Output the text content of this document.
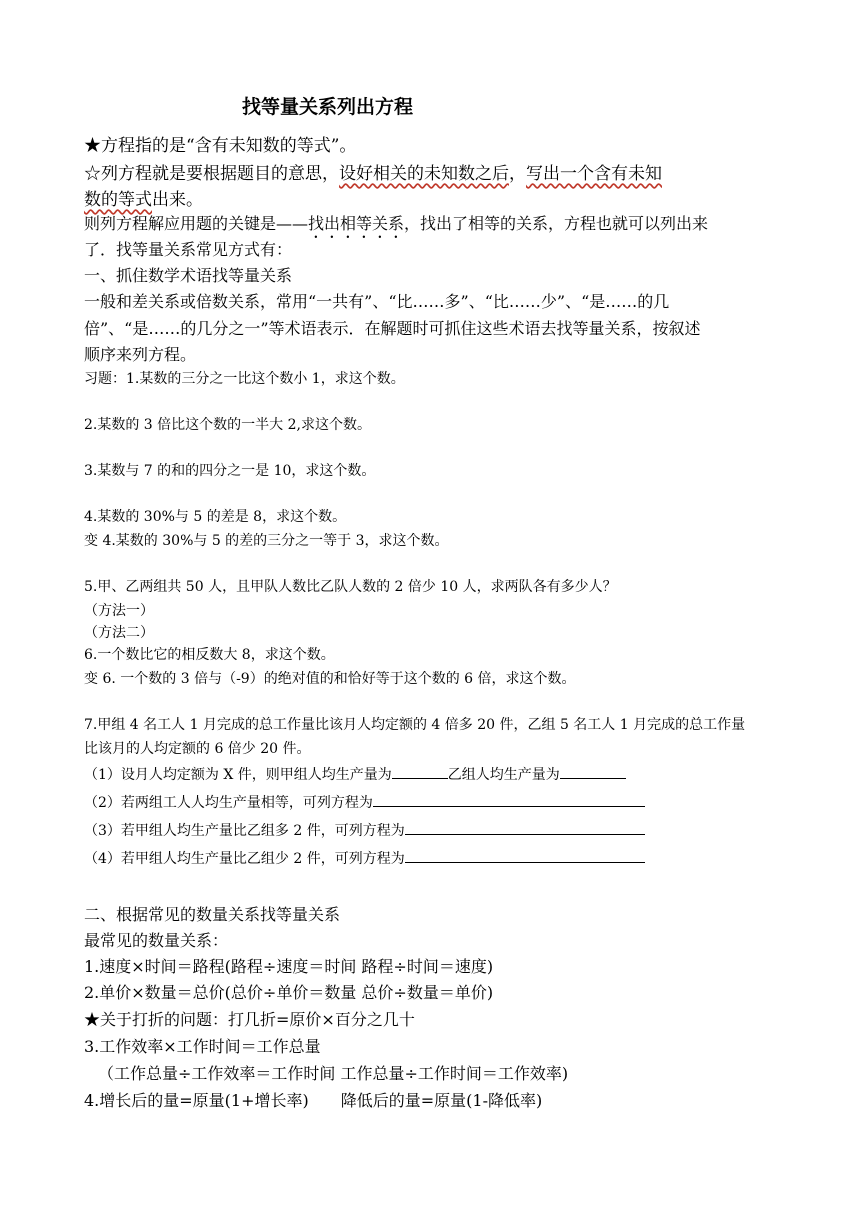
找等量关系列出方程
★方程指的是“含有未知数的等式”。
☆列方程就是要根据题目的意思，设好相关的未知数之后，写出一个含有未知
数的等式出来。
则列方程解应用题的关键是——找出相等关系，找出了相等的关系，方程也就可以列出来
了．找等量关系常见方式有：
一、抓住数学术语找等量关系
一般和差关系或倍数关系，常用“一共有”、“比……多”、“比……少”、“是……的几
倍”、“是……的几分之一”等术语表示．在解题时可抓住这些术语去找等量关系，按叙述
顺序来列方程。
习题：1.某数的三分之一比这个数小 1，求这个数。
2.某数的 3 倍比这个数的一半大 2,求这个数。
3.某数与 7 的和的四分之一是 10，求这个数。
4.某数的 30%与 5 的差是 8，求这个数。
变 4.某数的 30%与 5 的差的三分之一等于 3，求这个数。
5.甲、乙两组共 50 人，且甲队人数比乙队人数的 2 倍少 10 人，求两队各有多少人？
（方法一）
（方法二）
6.一个数比它的相反数大 8，求这个数。
变 6. 一个数的 3 倍与（-9）的绝对值的和恰好等于这个数的 6 倍，求这个数。
7.甲组 4 名工人 1 月完成的总工作量比该月人均定额的 4 倍多 20 件，乙组 5 名工人 1 月完成的总工作量
比该月的人均定额的 6 倍少 20 件。
（1）设月人均定额为 X 件，则甲组人均生产量为	乙组人均生产量为
（2）若两组工人人均生产量相等，可列方程为
（3）若甲组人均生产量比乙组多 2 件，可列方程为
（4）若甲组人均生产量比乙组少 2 件，可列方程为
二、根据常见的数量关系找等量关系
最常见的数量关系：
1.速度×时间＝路程(路程÷速度＝时间 路程÷时间＝速度)
2.单价×数量＝总价(总价÷单价＝数量 总价÷数量＝单价)
★关于打折的问题：打几折=原价×百分之几十
3.工作效率×工作时间＝工作总量
（工作总量÷工作效率＝工作时间 工作总量÷工作时间＝工作效率)
4.增长后的量=原量(1+增长率)　　降低后的量=原量(1-降低率)
